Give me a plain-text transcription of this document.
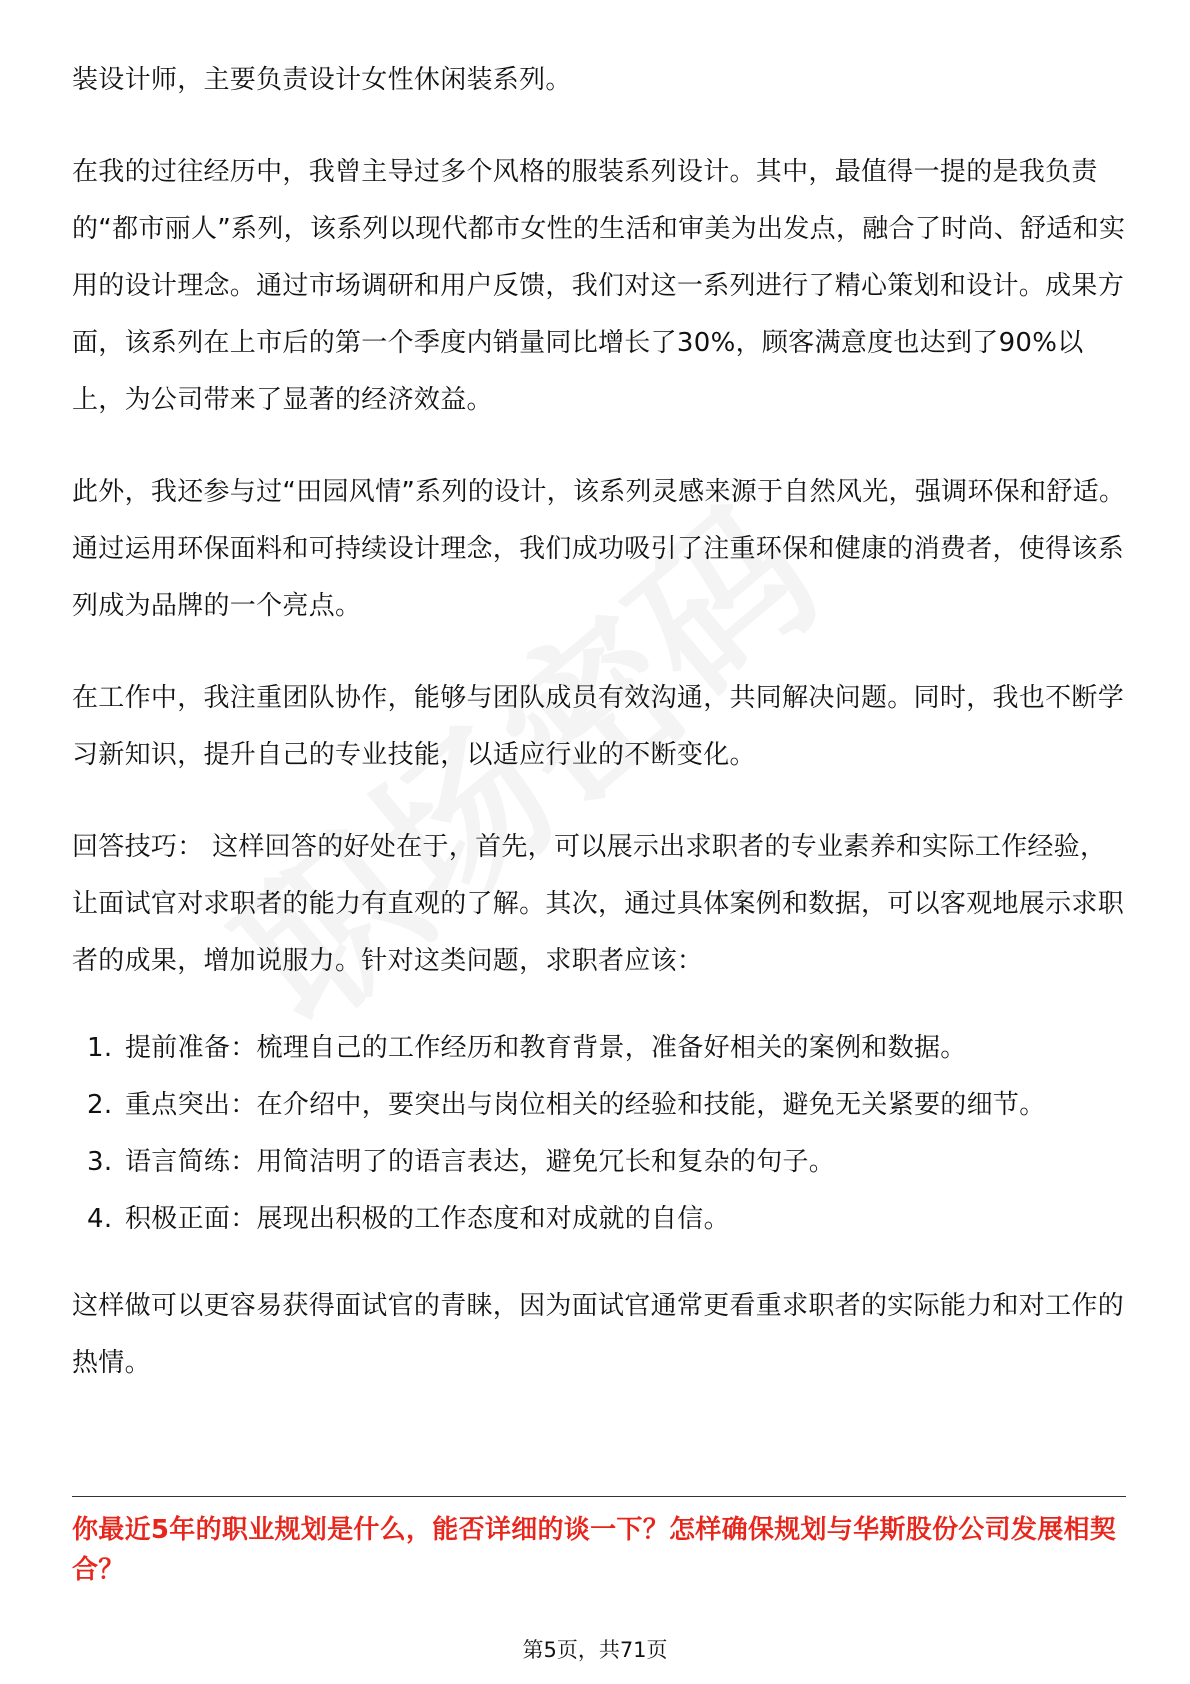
装设计师，主要负责设计女性休闲装系列。

在我的过往经历中，我曾主导过多个风格的服装系列设计。其中，最值得一提的是我负责的“都市丽人”系列，该系列以现代都市女性的生活和审美为出发点，融合了时尚、舒适和实用的设计理念。通过市场调研和用户反馈，我们对这一系列进行了精心策划和设计。成果方面，该系列在上市后的第一个季度内销量同比增长了30%，顾客满意度也达到了90%以上，为公司带来了显著的经济效益。

此外，我还参与过“田园风情”系列的设计，该系列灵感来源于自然风光，强调环保和舒适。通过运用环保面料和可持续设计理念，我们成功吸引了注重环保和健康的消费者，使得该系列成为品牌的一个亮点。

在工作中，我注重团队协作，能够与团队成员有效沟通，共同解决问题。同时，我也不断学习新知识，提升自己的专业技能，以适应行业的不断变化。

回答技巧： 这样回答的好处在于，首先，可以展示出求职者的专业素养和实际工作经验，让面试官对求职者的能力有直观的了解。其次，通过具体案例和数据，可以客观地展示求职者的成果，增加说服力。针对这类问题，求职者应该：

1. 提前准备：梳理自己的工作经历和教育背景，准备好相关的案例和数据。
2. 重点突出：在介绍中，要突出与岗位相关的经验和技能，避免无关紧要的细节。
3. 语言简练：用简洁明了的语言表达，避免冗长和复杂的句子。
4. 积极正面：展现出积极的工作态度和对成就的自信。

这样做可以更容易获得面试官的青睐，因为面试官通常更看重求职者的实际能力和对工作的热情。

你最近5年的职业规划是什么，能否详细的谈一下？怎样确保规划与华斯股份公司发展相契合？

第5页，共71页
